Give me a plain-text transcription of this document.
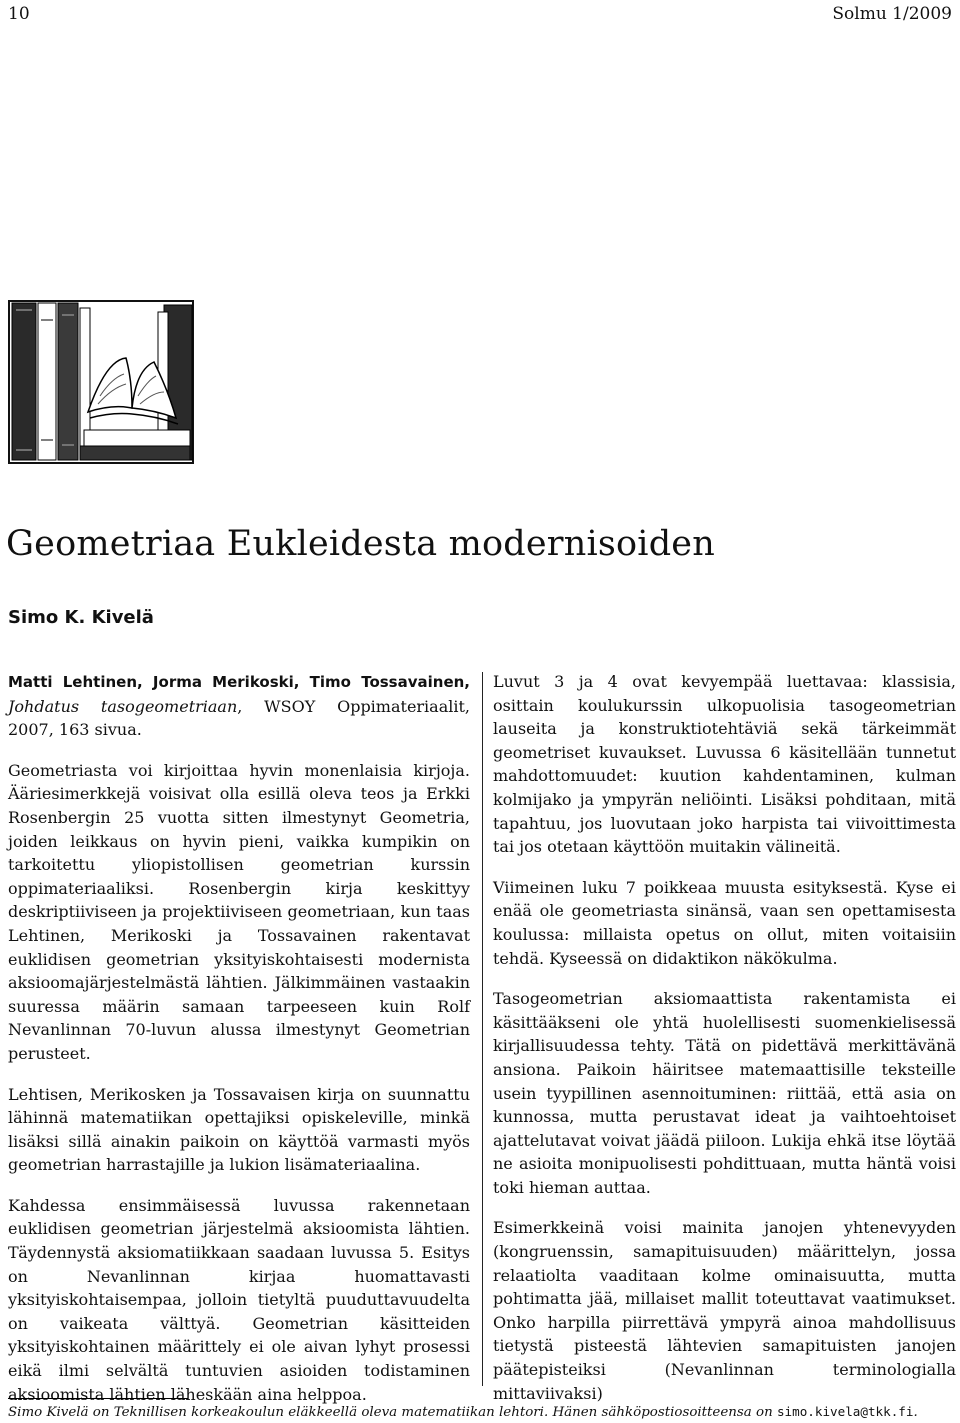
10	Solmu 1/2009
Geometriaa Eukleidesta modernisoiden
Simo K. Kivelä

Matti Lehtinen, Jorma Merikoski, Timo Tossavainen, Johdatus tasogeometriaan, WSOY Oppimateriaalit, 2007, 163 sivua.

Geometriasta voi kirjoittaa hyvin monenlaisia kirjoja. Ääriesimerkkejä voisivat olla esillä oleva teos ja Erkki Rosenbergin 25 vuotta sitten ilmestynyt Geometria, joiden leikkaus on hyvin pieni, vaikka kumpikin on tarkoitettu yliopistollisen geometrian kurssin oppimateriaaliksi. Rosenbergin kirja keskittyy deskriptiiviseen ja projektiiviseen geometriaan, kun taas Lehtinen, Merikoski ja Tossavainen rakentavat euklidisen geometrian yksityiskohtaisesti modernista aksioomajärjestelmästä lähtien. Jälkimmäinen vastaakin suuressa määrin samaan tarpeeseen kuin Rolf Nevanlinnan 70-luvun alussa ilmestynyt Geometrian perusteet.

Lehtisen, Merikosken ja Tossavaisen kirja on suunnattu lähinnä matematiikan opettajiksi opiskeleville, minkä lisäksi sillä ainakin paikoin on käyttöä varmasti myös geometrian harrastajille ja lukion lisämateriaalina.

Kahdessa ensimmäisessä luvussa rakennetaan euklidisen geometrian järjestelmä aksioomista lähtien. Täydennystä aksiomatiikkaan saadaan luvussa 5. Esitys on Nevanlinnan kirjaa huomattavasti yksityiskohtaisempaa, jolloin tietyltä puuduttavuudelta on vaikeata välttyä. Geometrian käsitteiden yksityiskohtainen määrittely ei ole aivan lyhyt prosessi eikä ilmi selvältä tuntuvien asioiden todistaminen aksioomista lähtien läheskään aina helppoa.

Luvut 3 ja 4 ovat kevyempää luettavaa: klassisia, osittain koulukurssin ulkopuolisia tasogeometrian lauseita ja konstruktiotehtäviä sekä tärkeimmät geometriset kuvaukset. Luvussa 6 käsitellään tunnetut mahdottomuudet: kuution kahdentaminen, kulman kolmijako ja ympyrän neliöinti. Lisäksi pohditaan, mitä tapahtuu, jos luovutaan joko harpista tai viivoittimesta tai jos otetaan käyttöön muitakin välineitä.

Viimeinen luku 7 poikkeaa muusta esityksestä. Kyse ei enää ole geometriasta sinänsä, vaan sen opettamisesta koulussa: millaista opetus on ollut, miten voitaisiin tehdä. Kyseessä on didaktikon näkökulma.

Tasogeometrian aksiomaattista rakentamista ei käsittääkseni ole yhtä huolellisesti suomenkielisessä kirjallisuudessa tehty. Tätä on pidettävä merkittävänä ansiona. Paikoin häiritsee matemaattisille teksteille usein tyypillinen asennoituminen: riittää, että asia on kunnossa, mutta perustavat ideat ja vaihtoehtoiset ajattelutavat voivat jäädä piiloon. Lukija ehkä itse löytää ne asioita monipuolisesti pohdittuaan, mutta häntä voisi toki hieman auttaa.

Esimerkkeinä voisi mainita janojen yhtenevyyden (kongruenssin, samapituisuuden) määrittelyn, jossa relaatiolta vaaditaan kolme ominaisuutta, mutta pohtimatta jää, millaiset mallit toteuttavat vaatimukset. Onko harpilla piirrettävä ympyrä ainoa mahdollisuus tietystä pisteestä lähtevien samapituisten janojen päätepisteiksi (Nevanlinnan terminologialla mittaviivaksi)

Simo Kivelä on Teknillisen korkeakoulun eläkkeellä oleva matematiikan lehtori. Hänen sähköpostiosoitteensa on simo.kivela@tkk.fi.
